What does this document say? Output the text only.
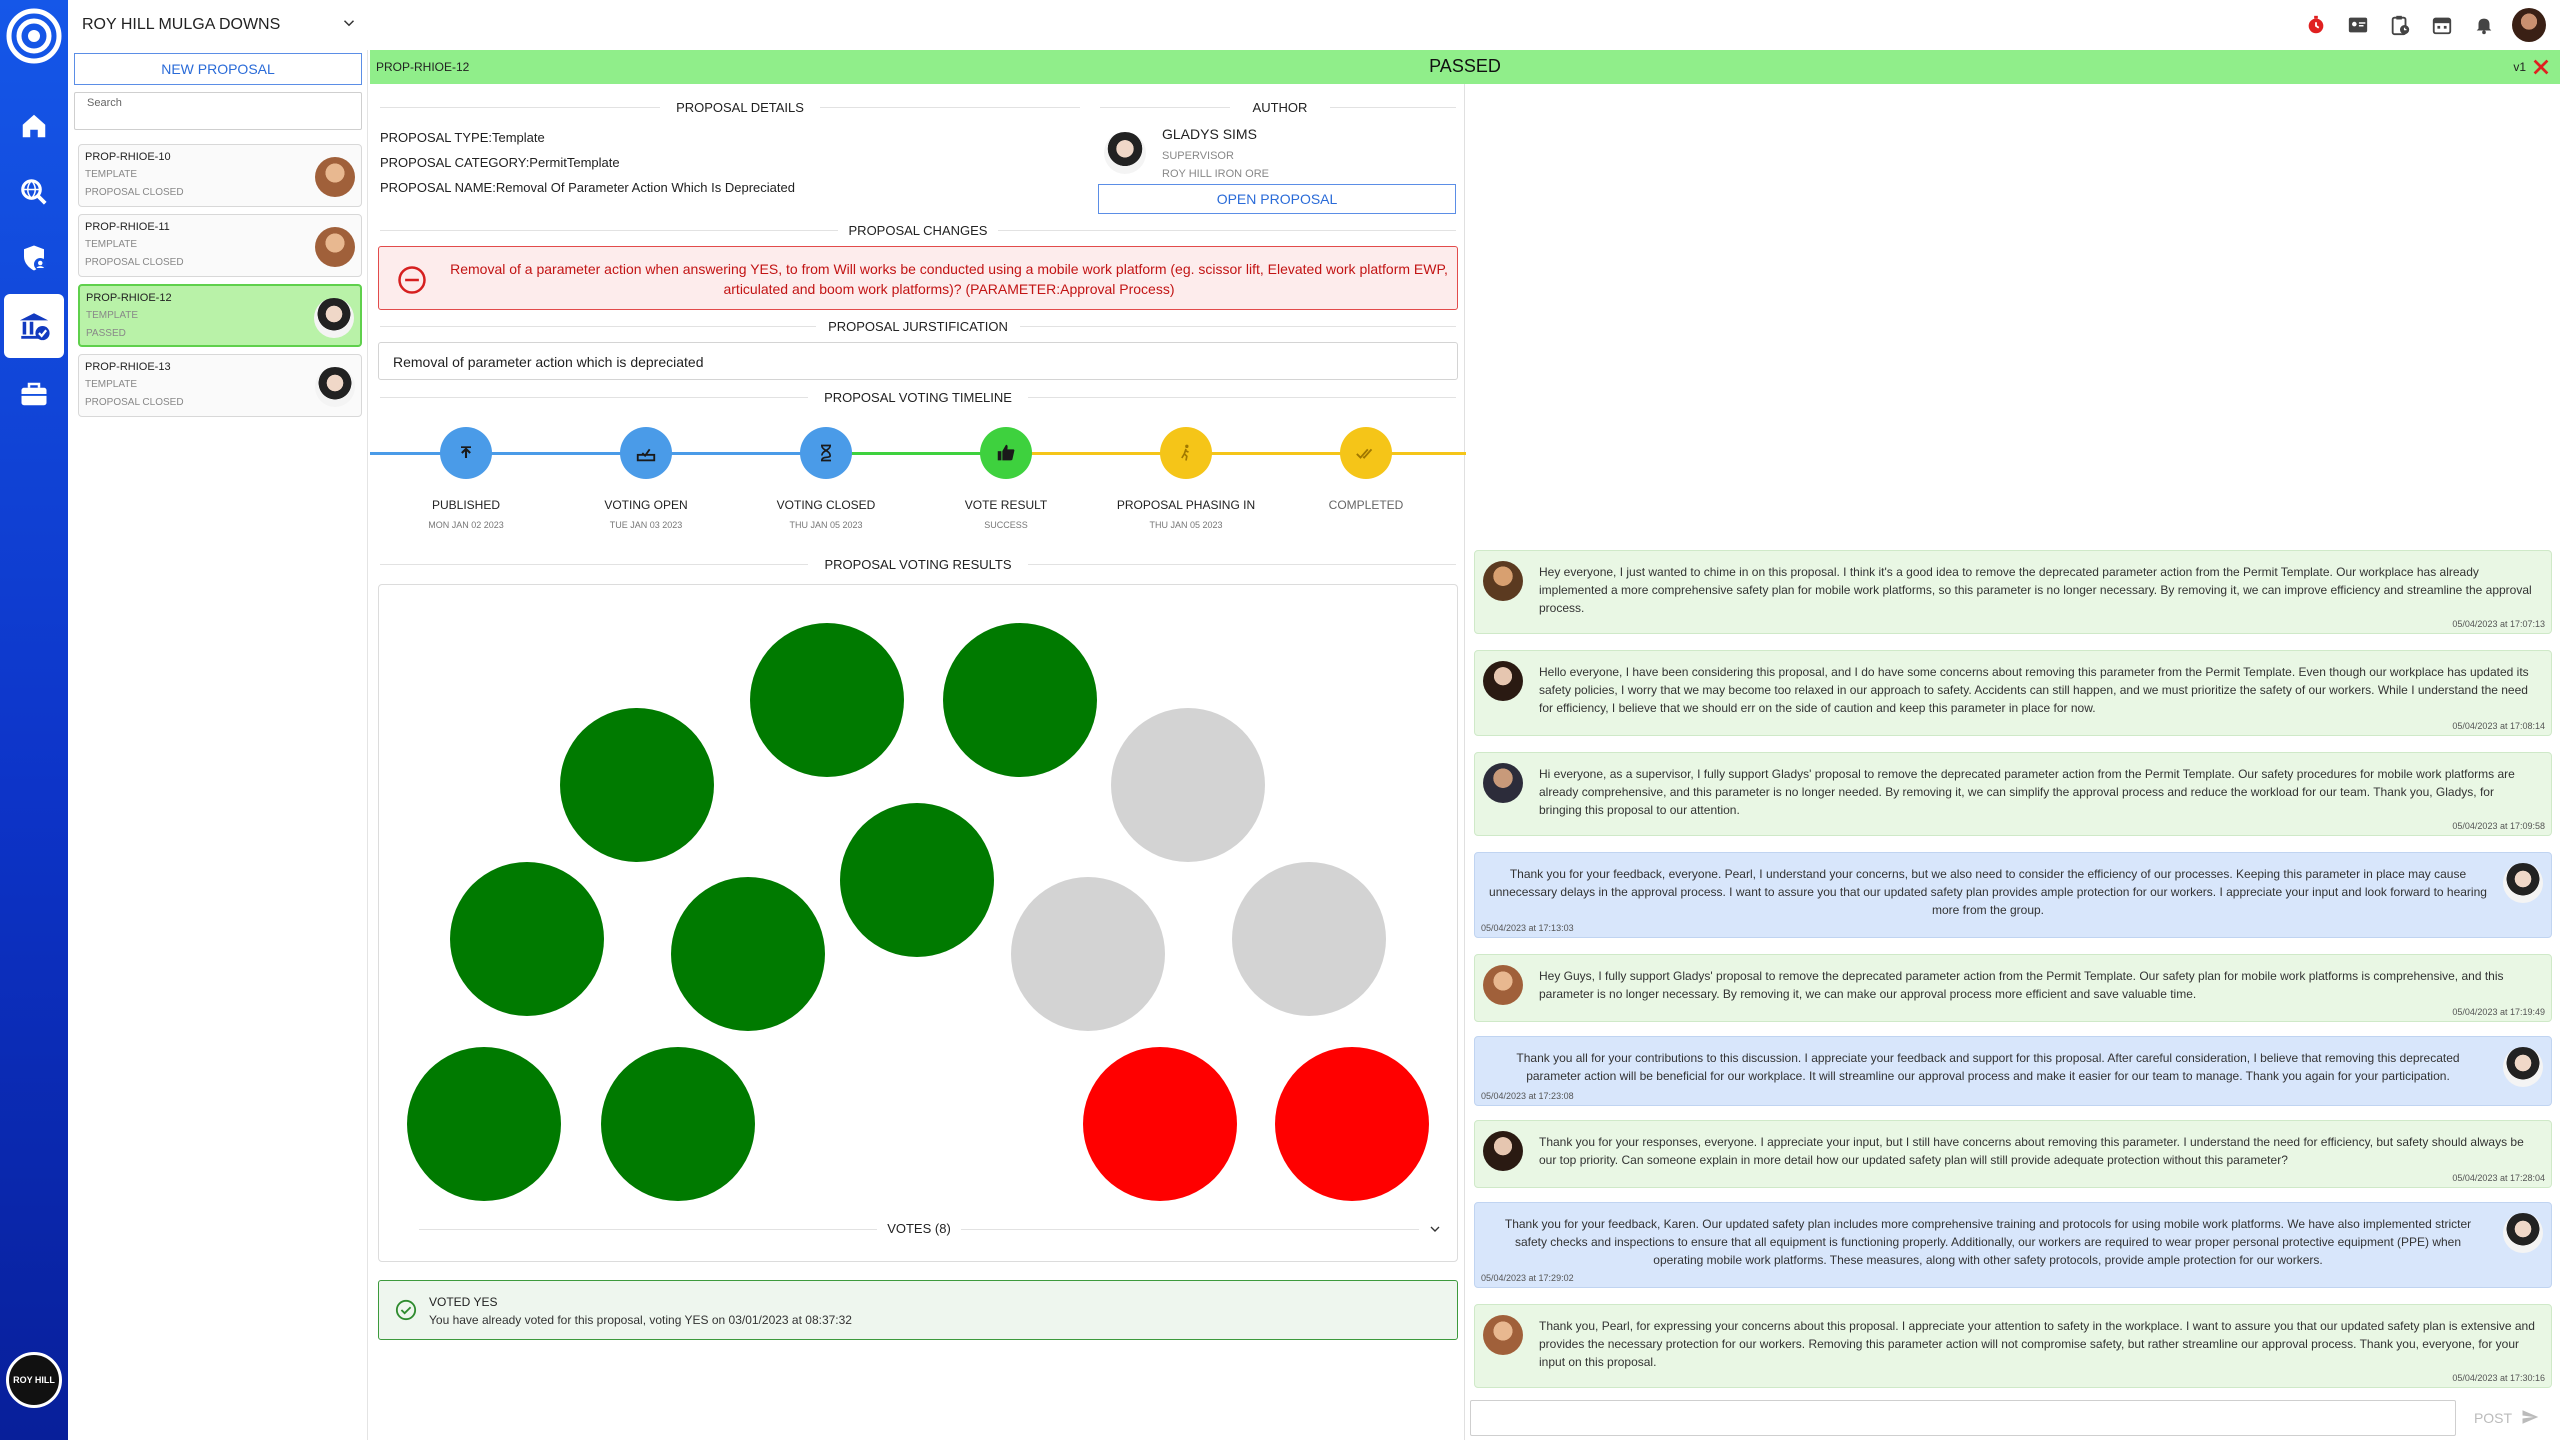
ROY HILL
ROY HILL MULGA DOWNS
NEW PROPOSAL
Search
PROP-RHIOE-10
TEMPLATE
PROPOSAL CLOSED
PROP-RHIOE-11
TEMPLATE
PROPOSAL CLOSED
PROP-RHIOE-12
TEMPLATE
PASSED
PROP-RHIOE-13
TEMPLATE
PROPOSAL CLOSED
PASSED
PROP-RHIOE-12	v1
PROPOSAL DETAILS
PROPOSAL TYPE:Template
PROPOSAL CATEGORY:PermitTemplate
PROPOSAL NAME:Removal Of Parameter Action Which Is Depreciated
AUTHOR
GLADYS SIMS
SUPERVISOR
ROY HILL IRON ORE
OPEN PROPOSAL
PROPOSAL CHANGES
Removal of a parameter action when answering YES, to from Will works be conducted using a mobile work platform (eg. scissor lift, Elevated work platform EWP, articulated and boom work platforms)? (PARAMETER:Approval Process)
PROPOSAL JURSTIFICATION
Removal of parameter action which is depreciated
PROPOSAL VOTING TIMELINE
PUBLISHED
MON JAN 02 2023
VOTING OPEN
TUE JAN 03 2023
VOTING CLOSED
THU JAN 05 2023
VOTE RESULT
SUCCESS
PROPOSAL PHASING IN
THU JAN 05 2023
COMPLETED
PROPOSAL VOTING RESULTS
VOTES (8)
VOTED YES
You have already voted for this proposal, voting YES on 03/01/2023 at 08:37:32
Hey everyone, I just wanted to chime in on this proposal. I think it's a good idea to remove the deprecated parameter action from the Permit Template. Our workplace has already implemented a more comprehensive safety plan for mobile work platforms, so this parameter is no longer necessary. By removing it, we can improve efficiency and streamline the approval process.
05/04/2023 at 17:07:13
Hello everyone, I have been considering this proposal, and I do have some concerns about removing this parameter from the Permit Template. Even though our workplace has updated its safety policies, I worry that we may become too relaxed in our approach to safety. Accidents can still happen, and we must prioritize the safety of our workers. While I understand the need for efficiency, I believe that we should err on the side of caution and keep this parameter in place for now.
05/04/2023 at 17:08:14
Hi everyone, as a supervisor, I fully support Gladys' proposal to remove the deprecated parameter action from the Permit Template. Our safety procedures for mobile work platforms are already comprehensive, and this parameter is no longer needed. By removing it, we can simplify the approval process and reduce the workload for our team. Thank you, Gladys, for bringing this proposal to our attention.
05/04/2023 at 17:09:58
Thank you for your feedback, everyone. Pearl, I understand your concerns, but we also need to consider the efficiency of our processes. Keeping this parameter in place may cause unnecessary delays in the approval process. I want to assure you that our updated safety plan provides ample protection for our workers. I appreciate your input and look forward to hearing more from the group.
05/04/2023 at 17:13:03
Hey Guys, I fully support Gladys' proposal to remove the deprecated parameter action from the Permit Template. Our safety plan for mobile work platforms is comprehensive, and this parameter is no longer necessary. By removing it, we can make our approval process more efficient and save valuable time.
05/04/2023 at 17:19:49
Thank you all for your contributions to this discussion. I appreciate your feedback and support for this proposal. After careful consideration, I believe that removing this deprecated parameter action will be beneficial for our workplace. It will streamline our approval process and make it easier for our team to manage. Thank you again for your participation.
05/04/2023 at 17:23:08
Thank you for your responses, everyone. I appreciate your input, but I still have concerns about removing this parameter. I understand the need for efficiency, but safety should always be our top priority. Can someone explain in more detail how our updated safety plan will still provide adequate protection without this parameter?
05/04/2023 at 17:28:04
Thank you for your feedback, Karen. Our updated safety plan includes more comprehensive training and protocols for using mobile work platforms. We have also implemented stricter safety checks and inspections to ensure that all equipment is functioning properly. Additionally, our workers are required to wear proper personal protective equipment (PPE) when operating mobile work platforms. These measures, along with other safety protocols, provide ample protection for our workers.
05/04/2023 at 17:29:02
Thank you, Pearl, for expressing your concerns about this proposal. I appreciate your attention to safety in the workplace. I want to assure you that our updated safety plan is extensive and provides the necessary protection for our workers. Removing this parameter action will not compromise safety, but rather streamline our approval process. Thank you, everyone, for your input on this proposal.
05/04/2023 at 17:30:16
POST
